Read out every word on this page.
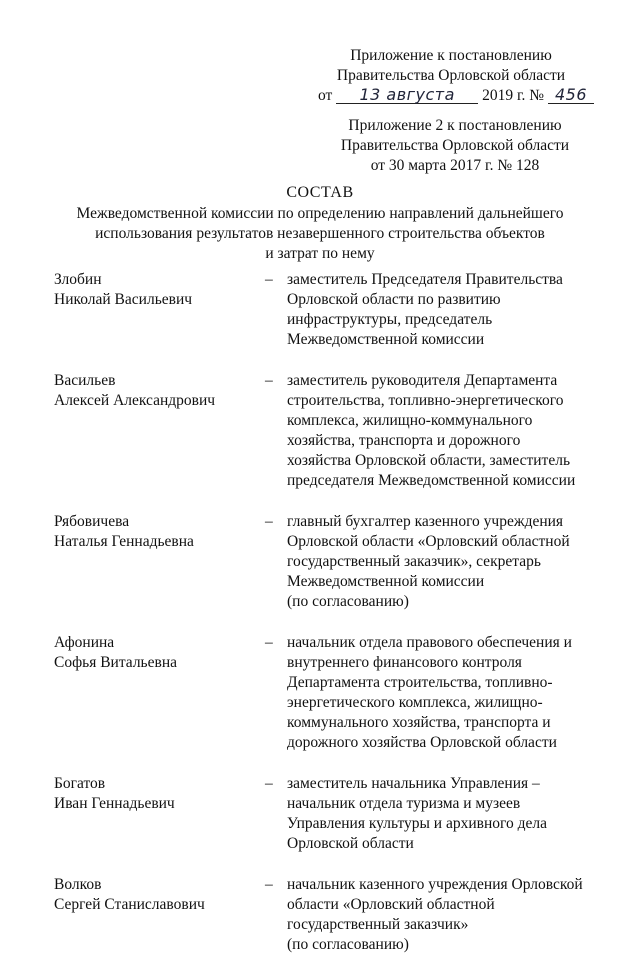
Приложение к постановлению
Правительства Орловской области
от 13 августа 2019 г. № 456
Приложение 2 к постановлению
Правительства Орловской области
от 30 марта 2017 г. № 128
СОСТАВ
Межведомственной комиссии по определению направлений дальнейшего
использования результатов незавершенного строительства объектов
и затрат по нему
Злобин
Николай Васильевич
– заместитель Председателя Правительства
Орловской области по развитию
инфраструктуры, председатель
Межведомственной комиссии
Васильев
Алексей Александрович
– заместитель руководителя Департамента
строительства, топливно-энергетического
комплекса, жилищно-коммунального
хозяйства, транспорта и дорожного
хозяйства Орловской области, заместитель
председателя Межведомственной комиссии
Рябовичева
Наталья Геннадьевна
– главный бухгалтер казенного учреждения
Орловской области «Орловский областной
государственный заказчик», секретарь
Межведомственной комиссии
(по согласованию)
Афонина
Софья Витальевна
– начальник отдела правового обеспечения и
внутреннего финансового контроля
Департамента строительства, топливно-
энергетического комплекса, жилищно-
коммунального хозяйства, транспорта и
дорожного хозяйства Орловской области
Богатов
Иван Геннадьевич
– заместитель начальника Управления –
начальник отдела туризма и музеев
Управления культуры и архивного дела
Орловской области
Волков
Сергей Станиславович
– начальник казенного учреждения Орловской
области «Орловский областной
государственный заказчик»
(по согласованию)
